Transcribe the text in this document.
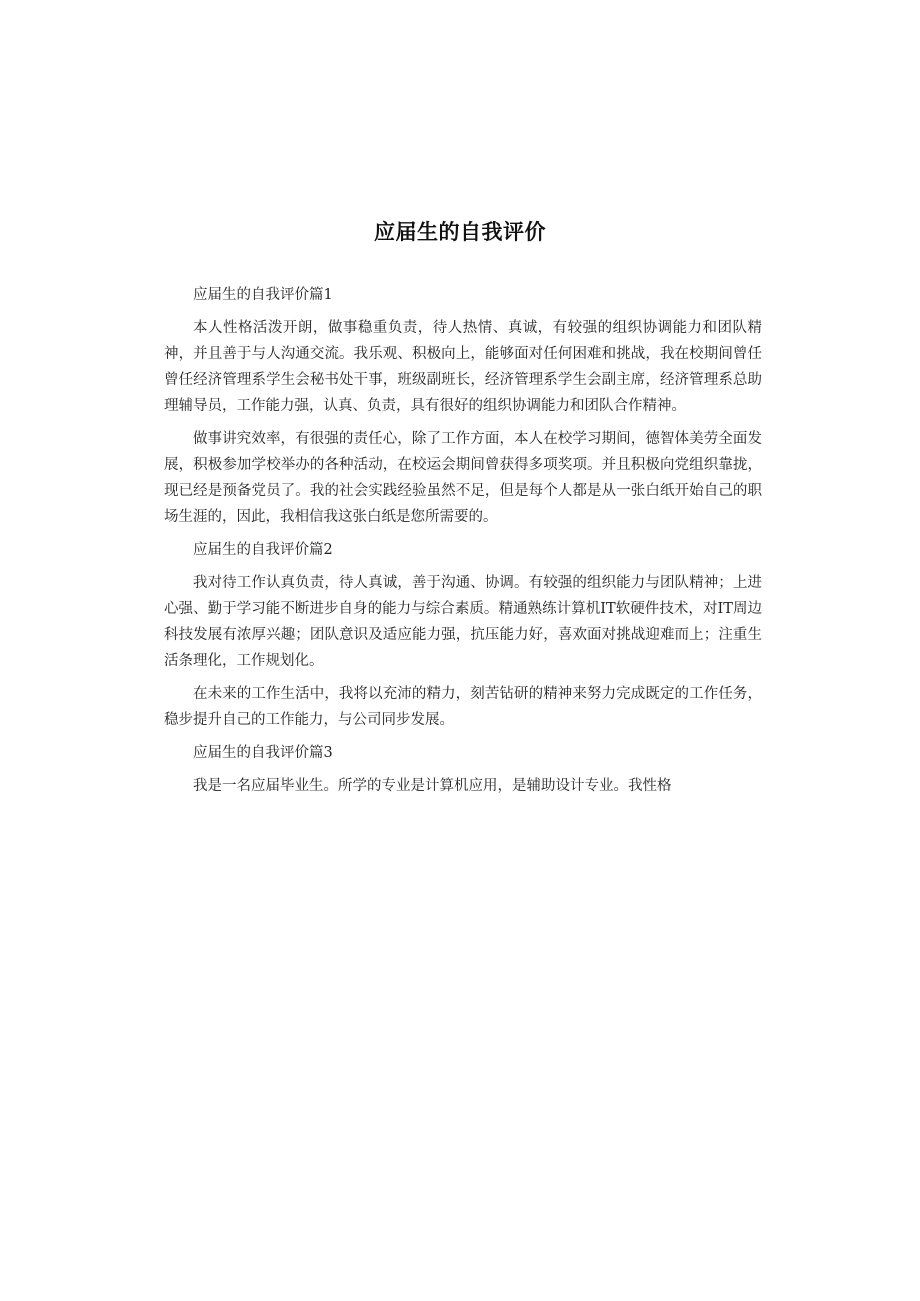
应届生的自我评价

应届生的自我评价篇1

本人性格活泼开朗，做事稳重负责，待人热情、真诚，有较强的组织协调能力和团队精神，并且善于与人沟通交流。我乐观、积极向上，能够面对任何困难和挑战，我在校期间曾任曾任经济管理系学生会秘书处干事，班级副班长，经济管理系学生会副主席，经济管理系总助理辅导员，工作能力强，认真、负责，具有很好的组织协调能力和团队合作精神。

做事讲究效率，有很强的责任心，除了工作方面，本人在校学习期间，德智体美劳全面发展，积极参加学校举办的各种活动，在校运会期间曾获得多项奖项。并且积极向党组织靠拢，现已经是预备党员了。我的社会实践经验虽然不足，但是每个人都是从一张白纸开始自己的职场生涯的，因此，我相信我这张白纸是您所需要的。

应届生的自我评价篇2

我对待工作认真负责，待人真诚，善于沟通、协调。有较强的组织能力与团队精神；上进心强、勤于学习能不断进步自身的能力与综合素质。精通熟练计算机IT软硬件技术，对IT周边科技发展有浓厚兴趣；团队意识及适应能力强，抗压能力好，喜欢面对挑战迎难而上；注重生活条理化，工作规划化。

在未来的工作生活中，我将以充沛的精力，刻苦钻研的精神来努力完成既定的工作任务，稳步提升自己的工作能力，与公司同步发展。

应届生的自我评价篇3

我是一名应届毕业生。所学的专业是计算机应用，是辅助设计专业。我性格
